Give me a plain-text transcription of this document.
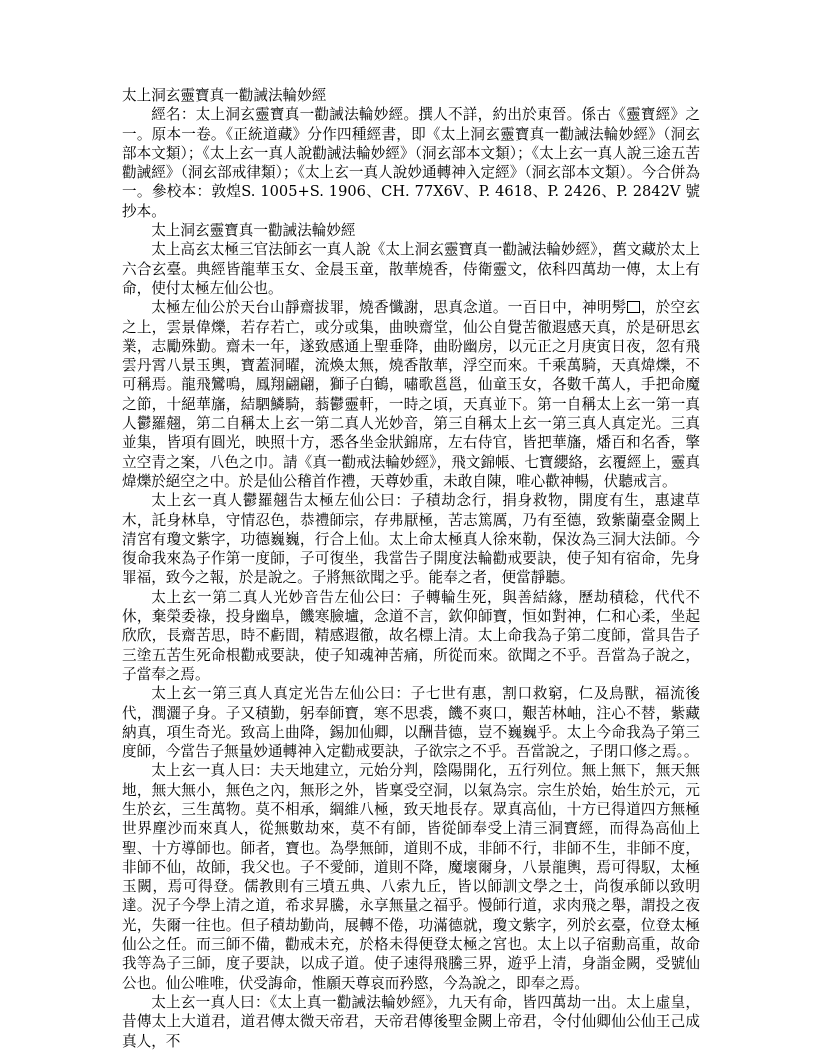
太上洞玄靈寶真一勸誡法輪妙經
經名：太上洞玄靈寶真一勸誡法輪妙經。撰人不詳，約出於東晉。係古《靈寶經》之一。原本一卷。《正統道藏》分作四種經書，即《太上洞玄靈寶真一勸誡法輪妙經》（洞玄部本文類）；《太上玄一真人說勸誡法輪妙經》（洞玄部本文類）；《太上玄一真人說三途五苦勸誡經》（洞玄部戒律類）；《太上玄一真人說妙通轉神入定經》（洞玄部本文類）。今合併為一。參校本：敦煌S. 1005+S. 1906、CH. 77X6V、P. 4618、P. 2426、P. 2842V 號抄本。
太上洞玄靈寶真一勸誡法輪妙經
太上高玄太極三官法師玄一真人說《太上洞玄靈寶真一勸誡法輪妙經》，舊文藏於太上六合玄臺。典經皆龍華玉女、金晨玉童，散華燒香，侍衛靈文，依科四萬劫一傳，太上有命，使付太極左仙公也。
太極左仙公於天台山靜齋拔罪，燒香懺謝，思真念道。一百日中，神明髣 ，於空玄之上，雲景偉爍，若存若亡，或分或集，曲映齋堂，仙公自覺苦徹遐感天真，於是研思玄業，志勵殊勤。齋未一年，遂致感通上聖垂降，曲盼幽房，以元正之月庚寅日夜，忽有飛雲丹霄八景玉輿，寶蓋洞曜，流煥太無，燒香散華，浮空而來。千乘萬騎，天真煒爍，不可稱焉。龍飛鸞鳴，鳳翔翩翩，獅子白鶴，嘯歌邕邕，仙童玉女，各數千萬人，手把命魔之節，十絕華旛，結駟鱗騎，蓊鬱靈軒，一時之頃，天真並下。第一自稱太上玄一第一真人鬱羅翹，第二自稱太上玄一第二真人光妙音，第三自稱太上玄一第三真人真定光。三真並集，皆項有圓光，映照十方，悉各坐金狀錦席，左右侍官，皆把華旛，燔百和名香，擎立空青之案，八色之巾。請《真一勸戒法輪妙經》，飛文錦帳、七寶纓絡，玄覆經上，靈真煒爍於絕空之中。於是仙公稽首作禮，天尊妙重，未敢自陳，唯心歡神暢，伏聽戒言。
太上玄一真人鬱羅翹告太極左仙公曰：子積劫念行，捐身救物，開度有生，惠逮草木，託身林阜，守情忍色，恭禮師宗，存弗厭極，苦志篤厲，乃有至德，致紫蘭臺金闕上清宮有瓊文紫字，功德巍巍，行合上仙。太上命太極真人徐來勒，保汝為三洞大法師。今復命我來為子作第一度師，子可復坐，我當告子開度法輪勸戒要訣，使子知有宿命，先身罪福，致今之報，於是說之。子將無欲聞之乎。能奉之者，便當靜聽。
太上玄一第二真人光妙音告左仙公曰：子轉輪生死，與善結緣，歷劫積稔，代代不休，棄榮委祿，投身幽阜，饑寒臉壚，念道不言，欽仰師寶，恒如對神，仁和心柔，坐起欣欣，長齋苦思，時不虧間，精感遐徹，故名標上清。太上命我為子第二度師，當具告子三塗五苦生死命根勸戒要訣，使子知魂神苦痛，所從而來。欲聞之不乎。吾當為子說之，子當奉之焉。
太上玄一第三真人真定光告左仙公曰：子七世有惠，割口救窮，仁及鳥獸，福流後代，潤灑子身。子又積勤，躬奉師寶，寒不思裘，饑不爽口，艱苦林岫，注心不替，紫藏納真，項生奇光。致高上曲降，錫加仙卿，以酬昔德，豈不巍巍乎。太上今命我為子第三度師，今當告子無量妙通轉神入定勸戒要訣，子欲宗之不乎。吾當說之，子閉口修之焉。。
太上玄一真人曰：夫天地建立，元始分判，陰陽開化，五行列位。無上無下，無天無地，無大無小，無色之內，無形之外，皆稟受空洞，以氣為宗。宗生於始，始生於元，元生於玄，三生萬物。莫不相承，綱維八極，致天地長存。眾真高仙，十方已得道四方無極世界塵沙而來真人，從無數劫來，莫不有師，皆從師奉受上清三洞寶經，而得為高仙上聖、十方導師也。師者，寶也。為學無師，道則不成，非師不行，非師不生，非師不度，非師不仙，故師，我父也。子不愛師，道則不降，魔壞爾身，八景龍輿，焉可得馭，太極玉闕，焉可得登。儒教則有三墳五典、八索九丘，皆以師訓文學之士，尚復承師以致明達。況子今學上清之道，希求昇騰，永享無量之福乎。慢師行道，求肉飛之舉，謂投之夜光，失爾一往也。但子積劫勤尚，展轉不倦，功滿德就，瓊文紫字，列於玄臺，位登太極仙公之任。而三師不備，勸戒未充，於格未得便登太極之宮也。太上以子宿勳高重，故命我等為子三師，度子要訣，以成子道。使子速得飛騰三界，遊乎上清，身詣金闕，受號仙公也。仙公唯唯，伏受誨命，惟願天尊哀而矜愍，今為說之，即奉之焉。
太上玄一真人曰：《太上真一勸誡法輪妙經》，九天有命，皆四萬劫一出。太上虛皇，昔傳太上大道君，道君傳太微天帝君，天帝君傳後聖金闕上帝君，令付仙卿仙公仙王己成真人，不
